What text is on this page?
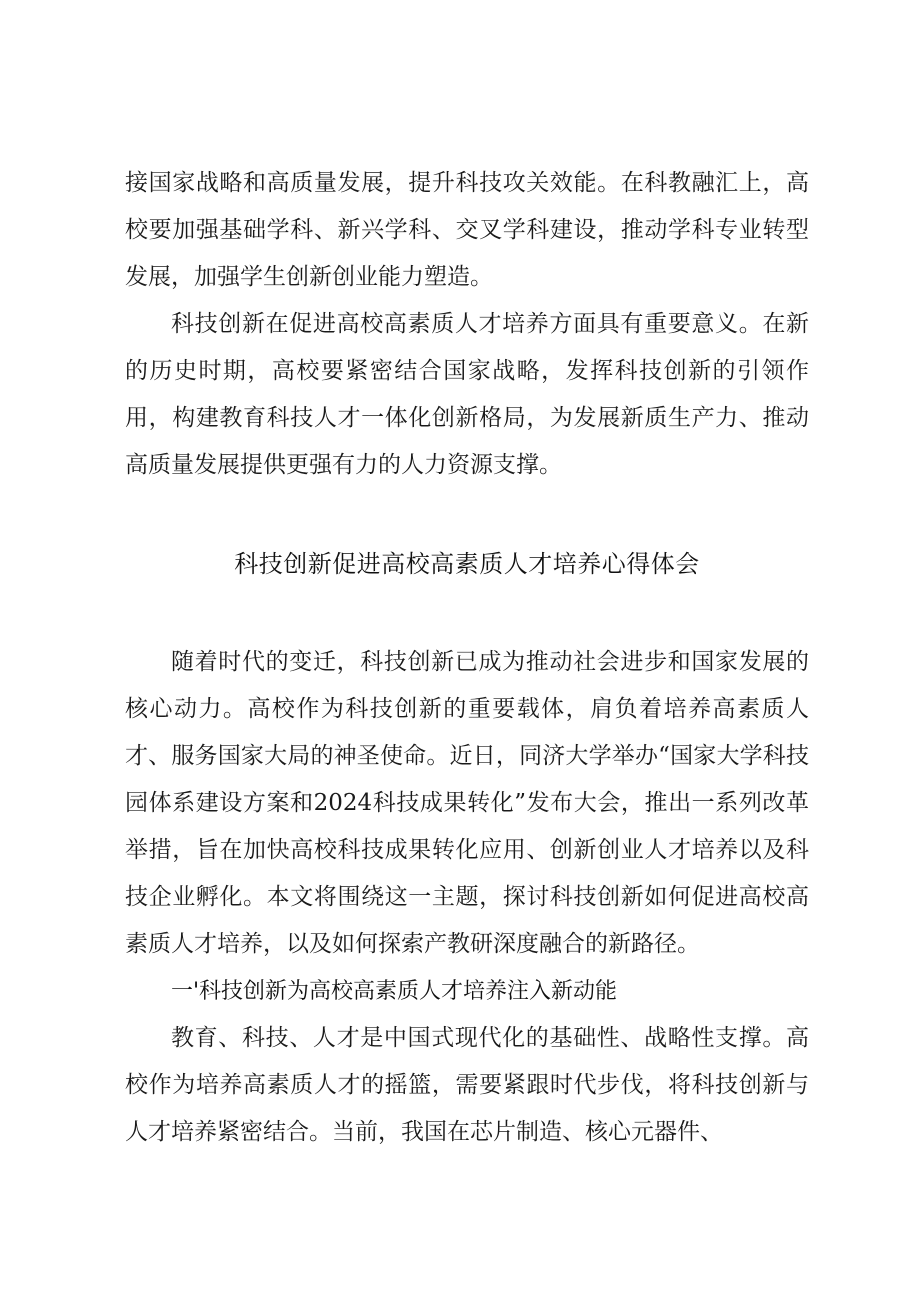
接国家战略和高质量发展，提升科技攻关效能。在科教融汇上，高校要加强基础学科、新兴学科、交叉学科建设，推动学科专业转型发展，加强学生创新创业能力塑造。

科技创新在促进高校高素质人才培养方面具有重要意义。在新的历史时期，高校要紧密结合国家战略，发挥科技创新的引领作用，构建教育科技人才一体化创新格局，为发展新质生产力、推动高质量发展提供更强有力的人力资源支撑。

科技创新促进高校高素质人才培养心得体会

随着时代的变迁，科技创新已成为推动社会进步和国家发展的核心动力。高校作为科技创新的重要载体，肩负着培养高素质人才、服务国家大局的神圣使命。近日，同济大学举办“国家大学科技园体系建设方案和2024科技成果转化”发布大会，推出一系列改革举措，旨在加快高校科技成果转化应用、创新创业人才培养以及科技企业孵化。本文将围绕这一主题，探讨科技创新如何促进高校高素质人才培养，以及如何探索产教研深度融合的新路径。

一'科技创新为高校高素质人才培养注入新动能

教育、科技、人才是中国式现代化的基础性、战略性支撑。高校作为培养高素质人才的摇篮，需要紧跟时代步伐，将科技创新与人才培养紧密结合。当前，我国在芯片制造、核心元器件、
